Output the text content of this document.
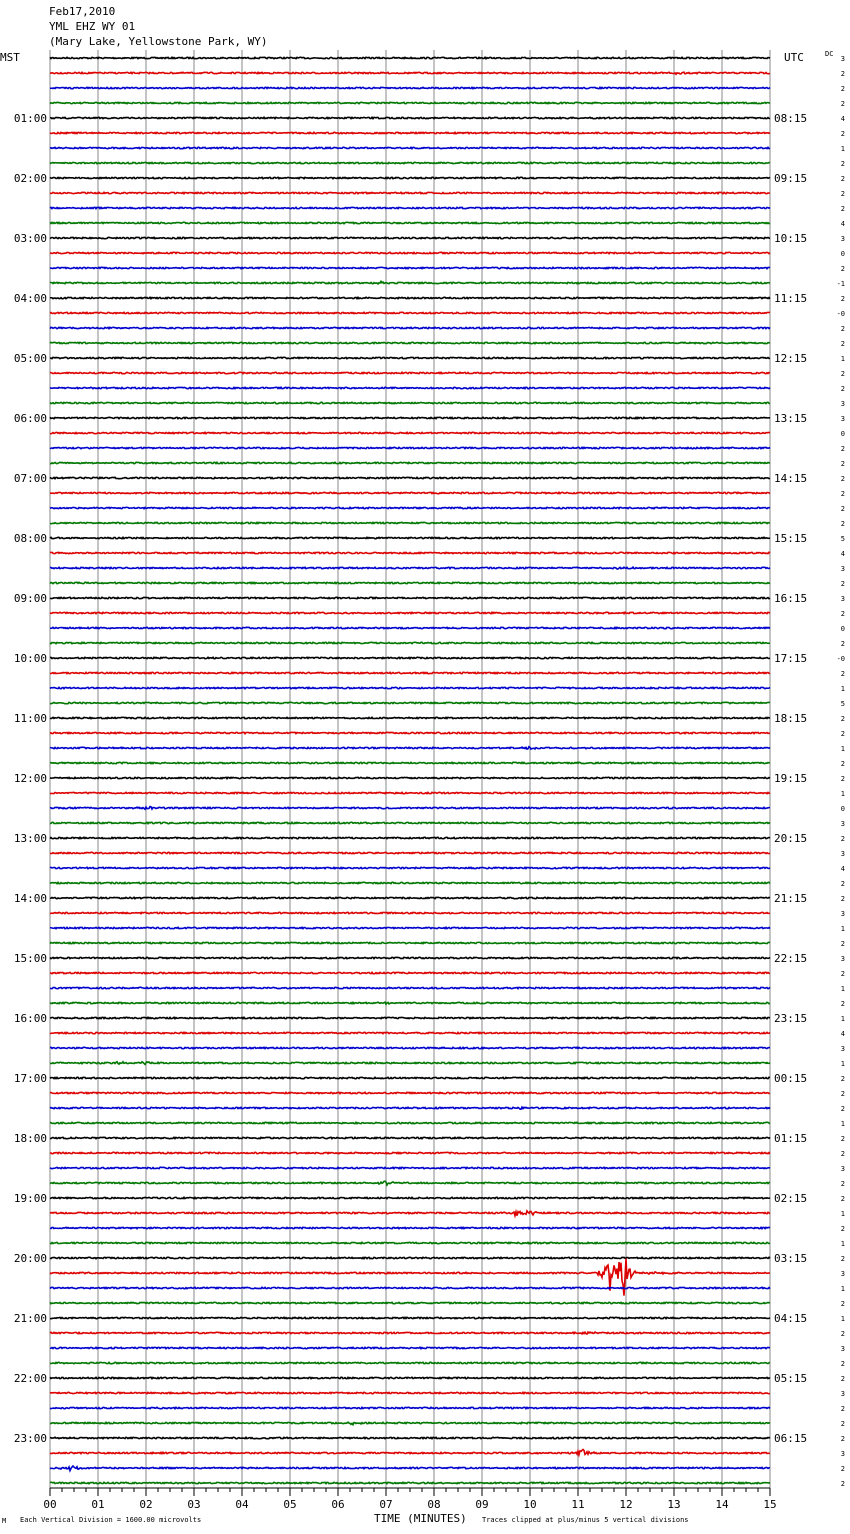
Feb17,2010
YML EHZ WY 01
(Mary Lake, Yellowstone Park, WY)
MST	UTC	DC
01:00	08:15
02:00	09:15
03:00	10:15
04:00	11:15
05:00	12:15
06:00	13:15
07:00	14:15
08:00	15:15
09:00	16:15
10:00	17:15
11:00	18:15
12:00	19:15
13:00	20:15
14:00	21:15
15:00	22:15
16:00	23:15
17:00	00:15
18:00	01:15
19:00	02:15
20:00	03:15
21:00	04:15
22:00	05:15
23:00	06:15
3
2
2
2
4
2
1
2
2
2
2
4
3
0
2
-1
2
-0
2
2
1
2
2
3
3
0
2
2
2
2
2
2
5
4
3
2
3
2
0
2
-0
2
1
5
2
2
1
2
2
1
0
3
2
3
4
2
2
3
1
2
3
2
1
2
1
4
3
1
2
2
2
1
2
2
3
2
2
1
2
1
2
3
1
2
1
2
3
2
2
3
2
2
2
3
2
2
00	01	02	03	04	05	06	07	08	09	10	11	12	13	14	15
TIME (MINUTES)
M Each Vertical Division = 1600.00 microvolts	Traces clipped at plus/minus 5 vertical divisions
